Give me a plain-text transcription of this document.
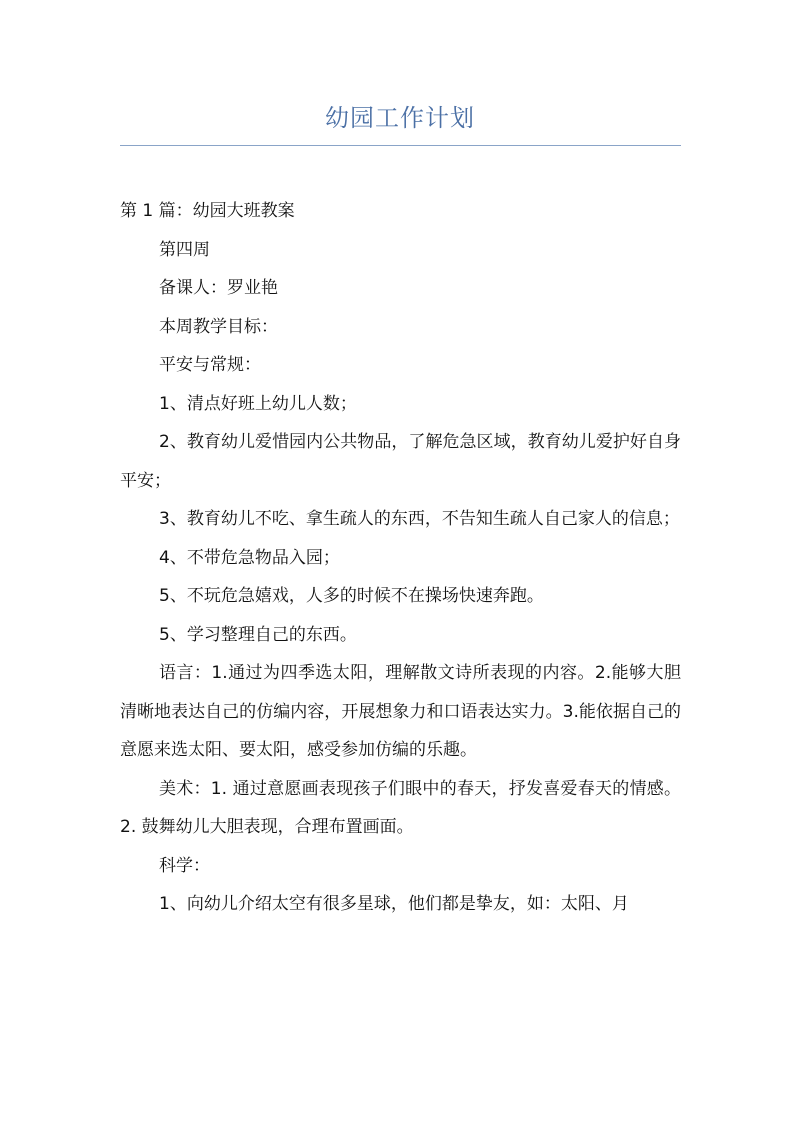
幼园工作计划

第 1 篇：幼园大班教案

第四周

备课人：罗业艳

本周教学目标：

平安与常规：

1、清点好班上幼儿人数；

2、教育幼儿爱惜园内公共物品，了解危急区域，教育幼儿爱护好自身平安；

3、教育幼儿不吃、拿生疏人的东西，不告知生疏人自己家人的信息；

4、不带危急物品入园；

5、不玩危急嬉戏，人多的时候不在操场快速奔跑。

5、学习整理自己的东西。

语言：1.通过为四季选太阳，理解散文诗所表现的内容。2.能够大胆清晰地表达自己的仿编内容，开展想象力和口语表达实力。3.能依据自己的意愿来选太阳、要太阳，感受参加仿编的乐趣。

美术：1. 通过意愿画表现孩子们眼中的春天，抒发喜爱春天的情感。 2. 鼓舞幼儿大胆表现，合理布置画面。

科学：

1、向幼儿介绍太空有很多星球，他们都是挚友，如：太阳、月
